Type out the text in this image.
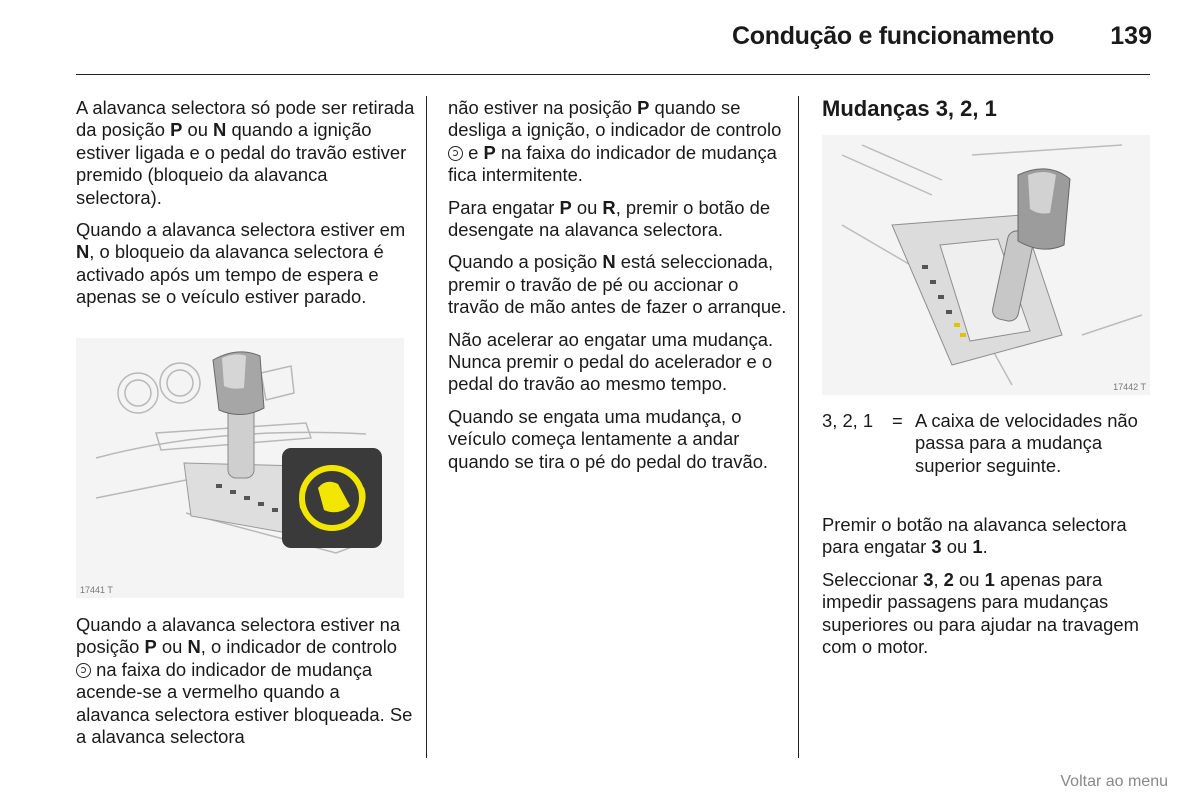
Condução e funcionamento 139

A alavanca selectora só pode ser retirada da posição P ou N quando a ignição estiver ligada e o pedal do travão estiver premido (bloqueio da alavanca selectora).

Quando a alavanca selectora estiver em N, o bloqueio da alavanca selectora é activado após um tempo de espera e apenas se o veículo estiver parado.

17441 T

Quando a alavanca selectora estiver na posição P ou N, o indicador de controlo  na faixa do indicador de mudança acende-se a vermelho quando a alavanca selectora estiver bloqueada. Se a alavanca selectora

não estiver na posição P quando se desliga a ignição, o indicador de controlo  e P na faixa do indicador de mudança fica intermitente.

Para engatar P ou R, premir o botão de desengate na alavanca selectora.

Quando a posição N está seleccionada, premir o travão de pé ou accionar o travão de mão antes de fazer o arranque.

Não acelerar ao engatar uma mudança. Nunca premir o pedal do acelerador e o pedal do travão ao mesmo tempo.

Quando se engata uma mudança, o veículo começa lentamente a andar quando se tira o pé do pedal do travão.

Mudanças 3, 2, 1
17442 T
3, 2, 1 = A caixa de velocidades não passa para a mudança superior seguinte.

Premir o botão na alavanca selectora para engatar 3 ou 1.

Seleccionar 3, 2 ou 1 apenas para impedir passagens para mudanças superiores ou para ajudar na travagem com o motor.

Voltar ao menu
